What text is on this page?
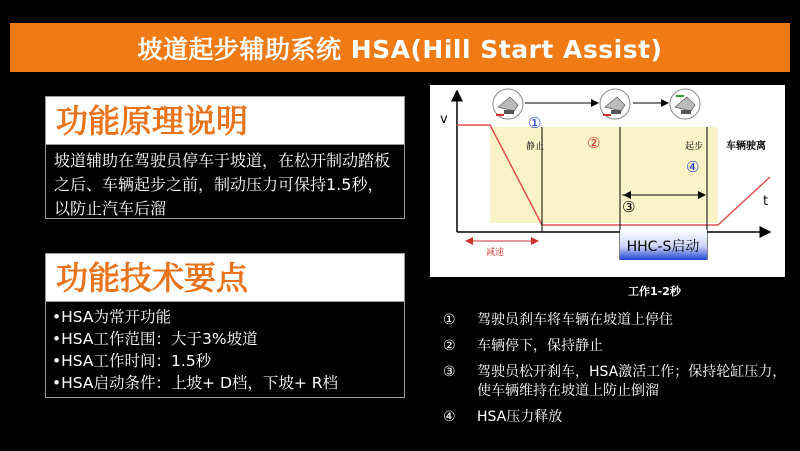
坡道起步辅助系统 HSA(Hill Start Assist)
功能原理说明
坡道辅助在驾驶员停车于坡道，在松开制动踏板之后、车辆起步之前，制动压力可保持1.5秒，以防止汽车后溜
功能技术要点
•HSA为常开功能
•HSA工作范围：大于3%坡道
•HSA工作时间：1.5秒
•HSA启动条件：上坡+ D档，下坡+ R档
v
t
减速	HHC-S启动
静止	起步 车辆驶离
①
②
③
④
工作1-2秒
①	驾驶员刹车将车辆在坡道上停住
②	车辆停下，保持静止
③	驾驶员松开刹车，HSA激活工作；保持轮缸压力，使车辆维持在坡道上防止倒溜
④	HSA压力释放
